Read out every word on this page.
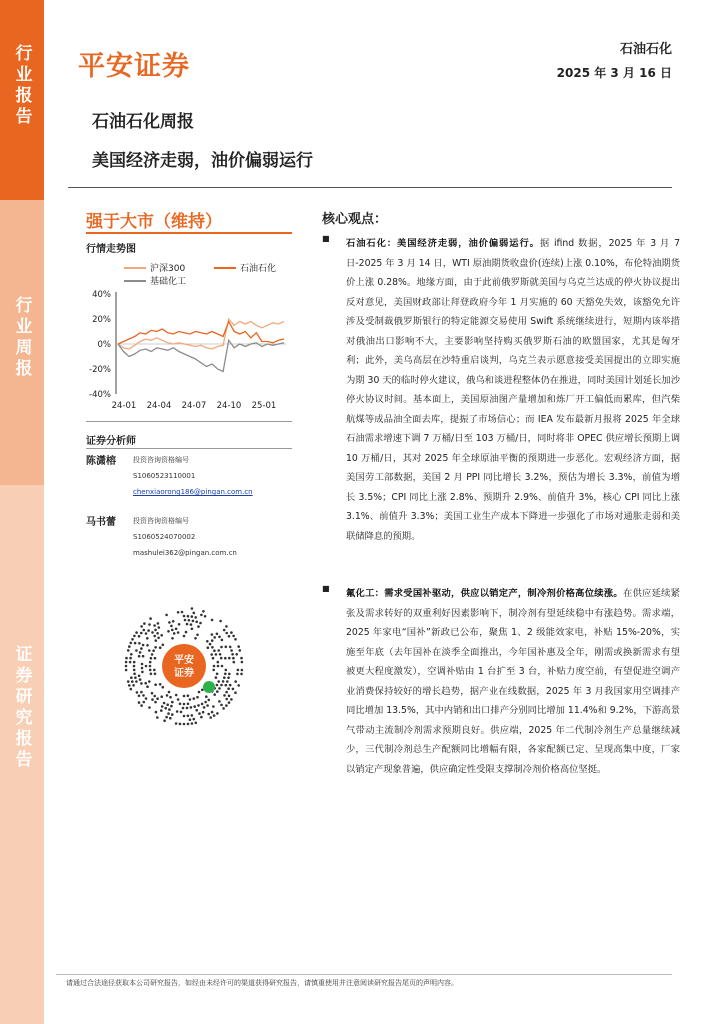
行业报告
行业周报
证券研究报告
平安证券
石油石化
2025 年 3 月 16 日
石油石化周报
美国经济走弱，油价偏弱运行
强于大市（维持）
行情走势图
沪深300	石油石化
基础化工
40%
20%
0%
-20%
-40%
24-01 24-04 24-07 24-10 25-01
证券分析师
陈潇榕 投资咨询资格编号
S1060523110001
chenxiaorong186@pingan.com.cn
马书蕾 投资咨询资格编号
S1060524070002
mashulei362@pingan.com.cn
平安
证券
核心观点：
■ 石油石化：美国经济走弱，油价偏弱运行。据 ifind 数据，2025 年 3 月 7 日-2025 年 3 月 14 日，WTI 原油期货收盘价(连续)上涨 0.10%，布伦特油期货价上涨 0.28%。地缘方面，由于此前俄罗斯就美国与乌克兰达成的停火协议提出反对意见，美国财政部让拜登政府今年 1 月实施的 60 天豁免失效，该豁免允许涉及受制裁俄罗斯银行的特定能源交易使用 Swift 系统继续进行，短期内该举措对俄油出口影响不大，主要影响坚持购买俄罗斯石油的欧盟国家，尤其是匈牙利；此外，美乌高层在沙特重启谈判，乌克兰表示愿意接受美国提出的立即实施为期 30 天的临时停火建议，俄乌和谈进程整体仍在推进，同时美国计划延长加沙停火协议时间。基本面上，美国原油图产量增加和炼厂开工偏低而累库，但汽柴航煤等成品油全面去库，提振了市场信心；而 IEA 发布最新月报将 2025 年全球石油需求增速下调 7 万桶/日至 103 万桶/日，同时将非 OPEC 供应增长预期上调 10 万桶/日，其对 2025 年全球原油平衡的预期进一步恶化。宏观经济方面，据美国劳工部数据，美国 2 月 PPI 同比增长 3.2%，预估为增长 3.3%，前值为增长 3.5%；CPI 同比上涨 2.8%、预期升 2.9%、前值升 3%，核心 CPI 同比上涨 3.1%、前值升 3.3%；美国工业生产成本下降进一步强化了市场对通胀走弱和美联储降息的预期。
■ 氟化工：需求受国补驱动，供应以销定产，制冷剂价格高位续涨。在供应延续紧张及需求转好的双重利好因素影响下，制冷剂有望延续稳中有涨趋势。需求端，2025 年家电“国补”新政已公布，聚焦 1、2 级能效家电，补贴 15%-20%，实施至年底（去年国补在淡季全面推出，今年国补惠及全年，刚需或换新需求有望被更大程度激发），空调补贴由 1 台扩至 3 台，补贴力度空前，有望促进空调产业消费保持较好的增长趋势，据产业在线数据，2025 年 3 月我国家用空调排产同比增加 13.5%，其中内销和出口排产分别同比增加 11.4%和 9.2%，下游高景气带动主流制冷剂需求预期良好。供应端，2025 年二代制冷剂生产总量继续减少，三代制冷剂总生产配额同比增幅有限，各家配额已定、呈现高集中度，厂家以销定产现象普遍，供应确定性受限支撑制冷剂价格高位坚挺。
请通过合法途径获取本公司研究报告，如经由未经许可的渠道获得研究报告，请慎重使用并注意阅读研究报告尾页的声明内容。
